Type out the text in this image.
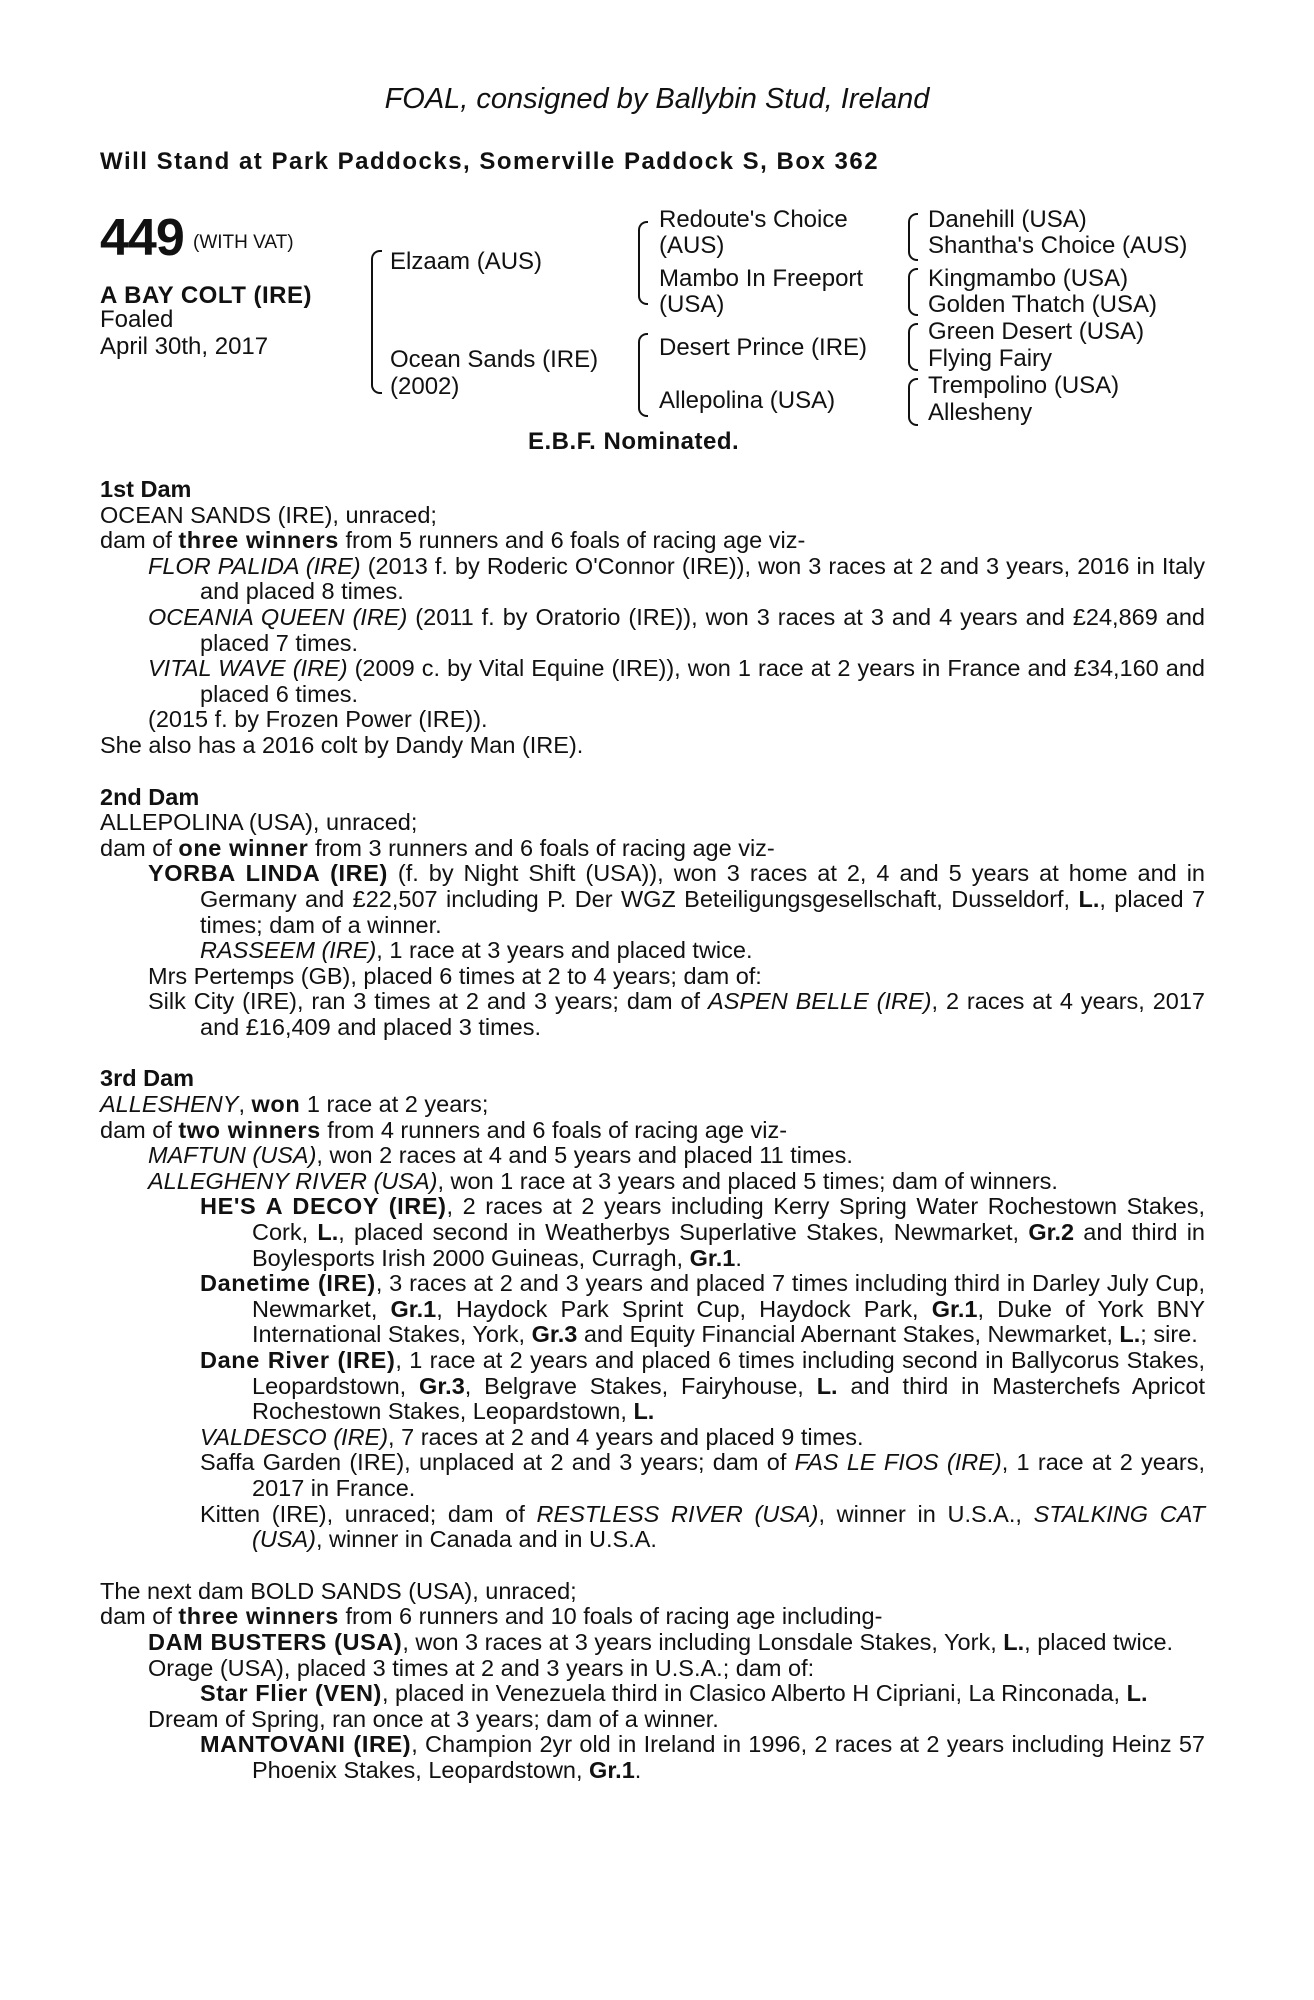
FOAL, consigned by Ballybin Stud, Ireland
Will Stand at Park Paddocks, Somerville Paddock S, Box 362
449 (WITH VAT)
A BAY COLT (IRE)
Foaled
April 30th, 2017
Elzaam (AUS)
Ocean Sands (IRE)
(2002)
Redoute's Choice
(AUS)
Mambo In Freeport
(USA)
Desert Prince (IRE)
Allepolina (USA)
Danehill (USA)
Shantha's Choice (AUS)
Kingmambo (USA)
Golden Thatch (USA)
Green Desert (USA)
Flying Fairy
Trempolino (USA)
Allesheny
E.B.F. Nominated.
1st Dam
OCEAN SANDS (IRE), unraced;
dam of three winners from 5 runners and 6 foals of racing age viz-
FLOR PALIDA (IRE) (2013 f. by Roderic O'Connor (IRE)), won 3 races at 2 and 3 years, 2016 in Italy and placed 8 times.
OCEANIA QUEEN (IRE) (2011 f. by Oratorio (IRE)), won 3 races at 3 and 4 years and £24,869 and placed 7 times.
VITAL WAVE (IRE) (2009 c. by Vital Equine (IRE)), won 1 race at 2 years in France and £34,160 and placed 6 times.
(2015 f. by Frozen Power (IRE)).
She also has a 2016 colt by Dandy Man (IRE).
2nd Dam
ALLEPOLINA (USA), unraced;
dam of one winner from 3 runners and 6 foals of racing age viz-
YORBA LINDA (IRE) (f. by Night Shift (USA)), won 3 races at 2, 4 and 5 years at home and in Germany and £22,507 including P. Der WGZ Beteiligungsgesellschaft, Dusseldorf, L., placed 7 times; dam of a winner.
RASSEEM (IRE), 1 race at 3 years and placed twice.
Mrs Pertemps (GB), placed 6 times at 2 to 4 years; dam of:
Silk City (IRE), ran 3 times at 2 and 3 years; dam of ASPEN BELLE (IRE), 2 races at 4 years, 2017 and £16,409 and placed 3 times.
3rd Dam
ALLESHENY, won 1 race at 2 years;
dam of two winners from 4 runners and 6 foals of racing age viz-
MAFTUN (USA), won 2 races at 4 and 5 years and placed 11 times.
ALLEGHENY RIVER (USA), won 1 race at 3 years and placed 5 times; dam of winners.
HE'S A DECOY (IRE), 2 races at 2 years including Kerry Spring Water Rochestown Stakes, Cork, L., placed second in Weatherbys Superlative Stakes, Newmarket, Gr.2 and third in Boylesports Irish 2000 Guineas, Curragh, Gr.1.
Danetime (IRE), 3 races at 2 and 3 years and placed 7 times including third in Darley July Cup, Newmarket, Gr.1, Haydock Park Sprint Cup, Haydock Park, Gr.1, Duke of York BNY International Stakes, York, Gr.3 and Equity Financial Abernant Stakes, Newmarket, L.; sire.
Dane River (IRE), 1 race at 2 years and placed 6 times including second in Ballycorus Stakes, Leopardstown, Gr.3, Belgrave Stakes, Fairyhouse, L. and third in Masterchefs Apricot Rochestown Stakes, Leopardstown, L.
VALDESCO (IRE), 7 races at 2 and 4 years and placed 9 times.
Saffa Garden (IRE), unplaced at 2 and 3 years; dam of FAS LE FIOS (IRE), 1 race at 2 years, 2017 in France.
Kitten (IRE), unraced; dam of RESTLESS RIVER (USA), winner in U.S.A., STALKING CAT (USA), winner in Canada and in U.S.A.
The next dam BOLD SANDS (USA), unraced;
dam of three winners from 6 runners and 10 foals of racing age including-
DAM BUSTERS (USA), won 3 races at 3 years including Lonsdale Stakes, York, L., placed twice.
Orage (USA), placed 3 times at 2 and 3 years in U.S.A.; dam of:
Star Flier (VEN), placed in Venezuela third in Clasico Alberto H Cipriani, La Rinconada, L.
Dream of Spring, ran once at 3 years; dam of a winner.
MANTOVANI (IRE), Champion 2yr old in Ireland in 1996, 2 races at 2 years including Heinz 57 Phoenix Stakes, Leopardstown, Gr.1.
